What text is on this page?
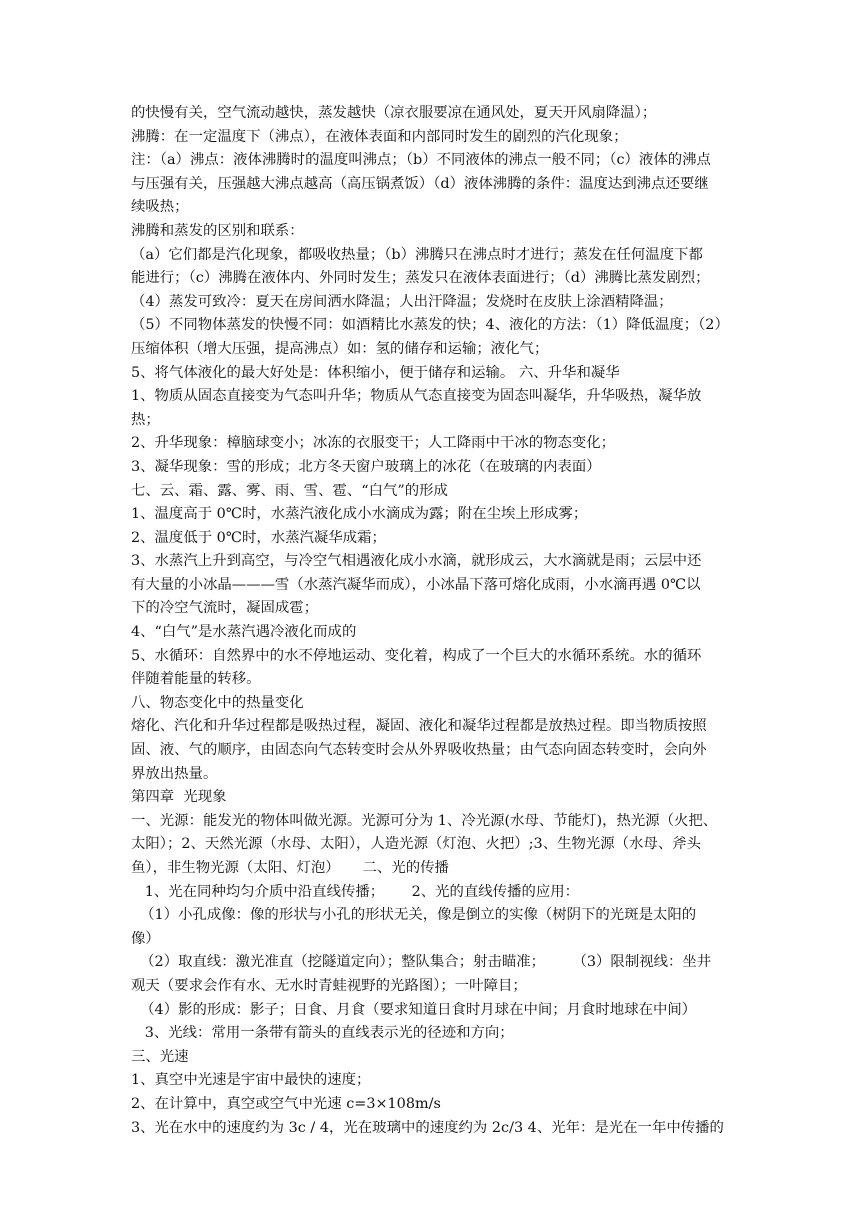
的快慢有关，空气流动越快，蒸发越快（凉衣服要凉在通风处，夏天开风扇降温）；
沸腾：在一定温度下（沸点），在液体表面和内部同时发生的剧烈的汽化现象；
注：（a）沸点：液体沸腾时的温度叫沸点；（b）不同液体的沸点一般不同；（c）液体的沸点
与压强有关，压强越大沸点越高（高压锅煮饭）（d）液体沸腾的条件：温度达到沸点还要继
续吸热；
沸腾和蒸发的区别和联系：
（a）它们都是汽化现象，都吸收热量；（b）沸腾只在沸点时才进行；蒸发在任何温度下都
能进行；（c）沸腾在液体内、外同时发生；蒸发只在液体表面进行；（d）沸腾比蒸发剧烈；
（4）蒸发可致冷：夏天在房间洒水降温；人出汗降温；发烧时在皮肤上涂酒精降温；
（5）不同物体蒸发的快慢不同：如酒精比水蒸发的快；4、液化的方法：（1）降低温度；（2）
压缩体积（增大压强，提高沸点）如：氢的储存和运输；液化气；
5、将气体液化的最大好处是：体积缩小，便于储存和运输。 六、升华和凝华
1、物质从固态直接变为气态叫升华；物质从气态直接变为固态叫凝华，升华吸热，凝华放
热；
2、升华现象：樟脑球变小；冰冻的衣服变干；人工降雨中干冰的物态变化；
3、凝华现象：雪的形成；北方冬天窗户玻璃上的冰花（在玻璃的内表面）
七、云、霜、露、雾、雨、雪、雹、“白气”的形成
1、温度高于 0℃时，水蒸汽液化成小水滴成为露；附在尘埃上形成雾；
2、温度低于 0℃时，水蒸汽凝华成霜；
3、水蒸汽上升到高空，与冷空气相遇液化成小水滴，就形成云，大水滴就是雨；云层中还
有大量的小冰晶———雪（水蒸汽凝华而成），小冰晶下落可熔化成雨，小水滴再遇 0℃以
下的冷空气流时，凝固成雹；
4、“白气”是水蒸汽遇冷液化而成的
5、水循环：自然界中的水不停地运动、变化着，构成了一个巨大的水循环系统。水的循环
伴随着能量的转移。
八、物态变化中的热量变化
熔化、汽化和升华过程都是吸热过程，凝固、液化和凝华过程都是放热过程。即当物质按照
固、液、气的顺序，由固态向气态转变时会从外界吸收热量；由气态向固态转变时，会向外
界放出热量。
第四章  光现象
一、光源：能发光的物体叫做光源。光源可分为 1、冷光源(水母、节能灯)，热光源（火把、
太阳）；2、天然光源（水母、太阳），人造光源（灯泡、火把）;3、生物光源（水母、斧头
鱼），非生物光源（太阳、灯泡）     二、光的传播
1、光在同种均匀介质中沿直线传播；      2、光的直线传播的应用：
（1）小孔成像：像的形状与小孔的形状无关，像是倒立的实像（树阴下的光斑是太阳的
像）
（2）取直线：激光准直（挖隧道定向）；整队集合；射击瞄准；      （3）限制视线：坐井
观天（要求会作有水、无水时青蛙视野的光路图）；一叶障目；
（4）影的形成：影子；日食、月食（要求知道日食时月球在中间；月食时地球在中间）
3、光线：常用一条带有箭头的直线表示光的径迹和方向；
三、光速
1、真空中光速是宇宙中最快的速度；
2、在计算中，真空或空气中光速 c=3×108m/s
3、光在水中的速度约为 3c / 4，光在玻璃中的速度约为 2c/3 4、光年：是光在一年中传播的
